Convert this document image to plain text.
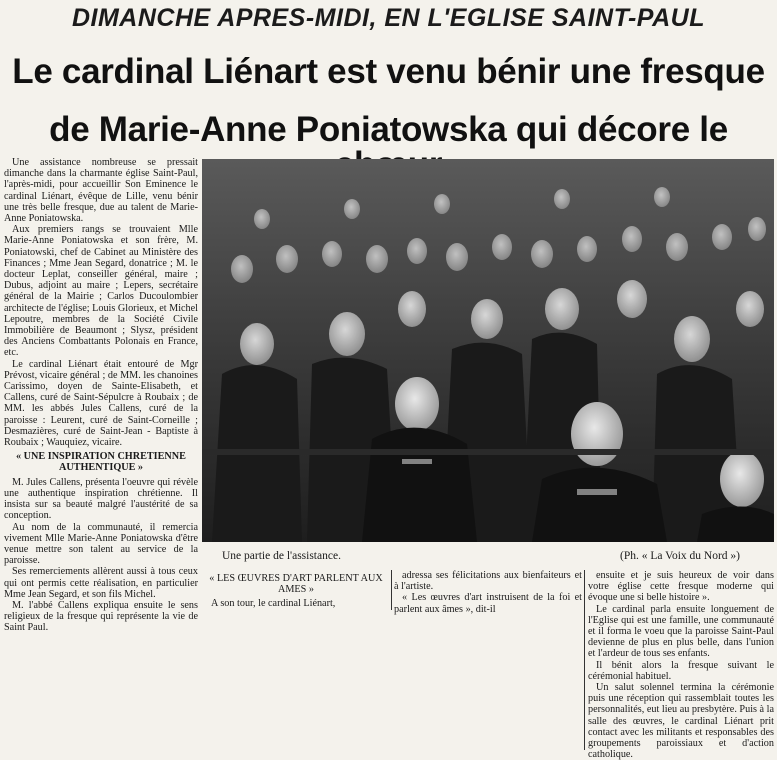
DIMANCHE APRES-MIDI, EN L'EGLISE SAINT-PAUL
Le cardinal Liénart est venu bénir une fresque
de Marie-Anne Poniatowska qui décore le

Une assistance nombreuse se pressait dimanche dans la charmante église Saint-Paul, l'après-midi, pour accueillir Son Eminence le cardinal Liénart, évêque de Lille, venu bénir une très belle fresque, due au talent de Marie-Anne Poniatowska.

Aux premiers rangs se trouvaient Mlle Marie-Anne Poniatowska et son frère, M. Poniatowski, chef de Cabinet au Ministère des Finances ; Mme Jean Segard, donatrice ; M. le docteur Leplat, conseiller général, maire ; Dubus, adjoint au maire ; Lepers, secrétaire général de la Mairie ; Carlos Ducoulombier architecte de l'église; Louis Glorieux, et Michel Lepoutre, membres de la Société Civile Immobilière de Beaumont ; Slysz, président des Anciens Combattants Polonais en France, etc.

Le cardinal Liénart était entouré de Mgr Prévost, vicaire général ; de MM. les chanoines Carissimo, doyen de Sainte-Elisabeth, et Callens, curé de Saint-Sépulcre à Roubaix ; de MM. les abbés Jules Callens, curé de la paroisse : Leurent, curé de Saint-Corneille ; Desmazières, curé de Saint-Jean - Baptiste à Roubaix ; Wauquiez, vicaire.

« UNE INSPIRATION CHRETIENNE AUTHENTIQUE »

M. Jules Callens, présenta l'oeuvre qui révèle une authentique inspiration chrétienne. Il insista sur sa beauté malgré l'austérité de sa conception.

Au nom de la communauté, il remercia vivement Mlle Marie-Anne Poniatowska d'être venue mettre son talent au service de la paroisse.

Ses remerciements allèrent aussi à tous ceux qui ont permis cette réalisation, en particulier Mme Jean Segard, et son fils Michel.

M. l'abbé Callens expliqua ensuite le sens religieux de la fresque qui représente la vie de Saint Paul.

Une partie de l'assistance.	(Ph. « La Voix du Nord »)

« LES ŒUVRES D'ART PARLENT AUX AMES »

A son tour, le cardinal Liénart,

adressa ses félicitations aux bienfaiteurs et à l'artiste.

« Les œuvres d'art instruisent de la foi et parlent aux âmes », dit-il

ensuite et je suis heureux de voir dans votre église cette fresque moderne qui évoque une si belle histoire ».

Le cardinal parla ensuite longuement de l'Eglise qui est une famille, une communauté et il forma le voeu que la paroisse Saint-Paul devienne de plus en plus belle, dans l'union et l'ardeur de tous ses enfants.

Il bénit alors la fresque suivant le cérémonial habituel.

Un salut solennel termina la cérémonie puis une réception qui rassemblait toutes les personnalités, eut lieu au presbytère. Puis à la salle des œuvres, le cardinal Liénart prit contact avec les militants et responsables des groupements paroissiaux et d'action catholique.
